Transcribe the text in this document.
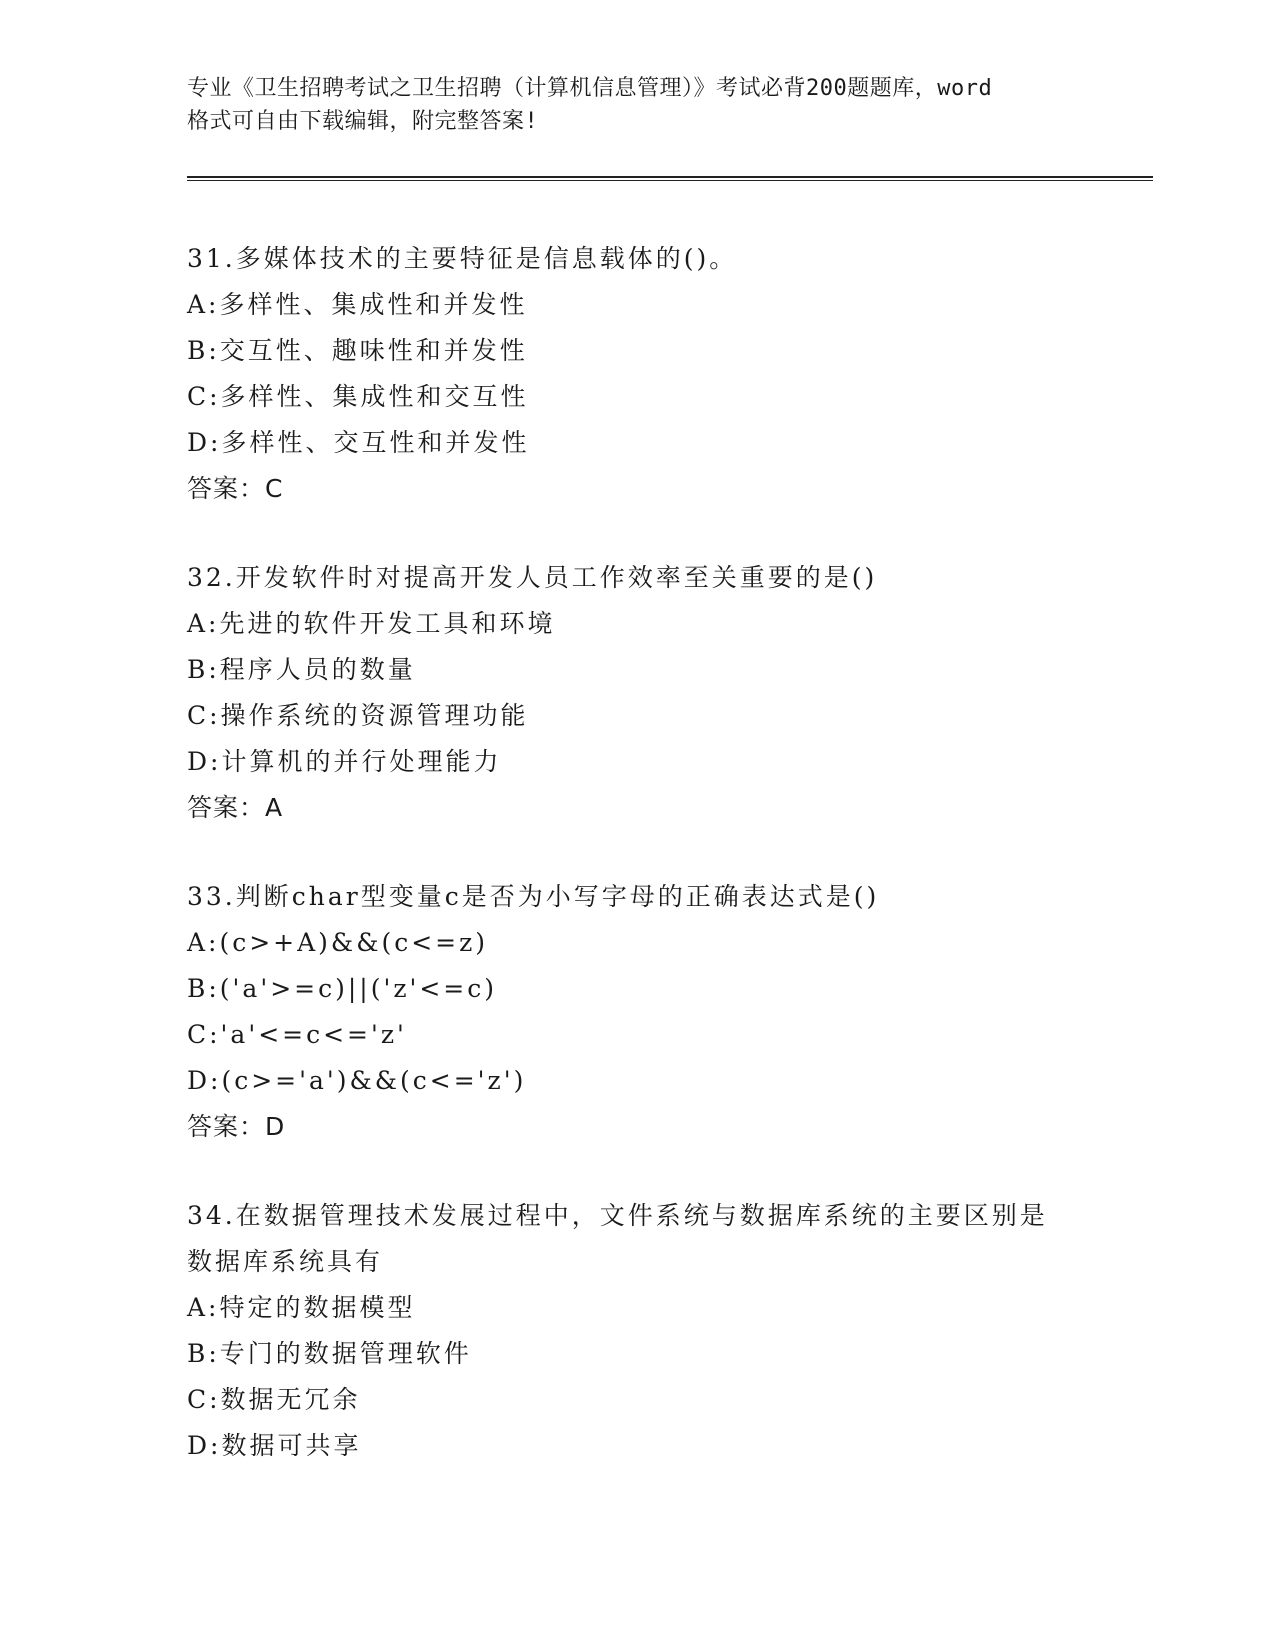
专业《卫生招聘考试之卫生招聘（计算机信息管理）》考试必背200题题库，word
格式可自由下载编辑，附完整答案!
31.多媒体技术的主要特征是信息载体的()。
A:多样性、集成性和并发性
B:交互性、趣味性和并发性
C:多样性、集成性和交互性
D:多样性、交互性和并发性
答案：C
32.开发软件时对提高开发人员工作效率至关重要的是()
A:先进的软件开发工具和环境
B:程序人员的数量
C:操作系统的资源管理功能
D:计算机的并行处理能力
答案：A
33.判断char型变量c是否为小写字母的正确表达式是()
A:(c>+A)&&(c<=z)
B:('a'>=c)||('z'<=c)
C:'a'<=c<='z'
D:(c>='a')&&(c<='z')
答案：D
34.在数据管理技术发展过程中，文件系统与数据库系统的主要区别是数据库系统具有
A:特定的数据模型
B:专门的数据管理软件
C:数据无冗余
D:数据可共享
